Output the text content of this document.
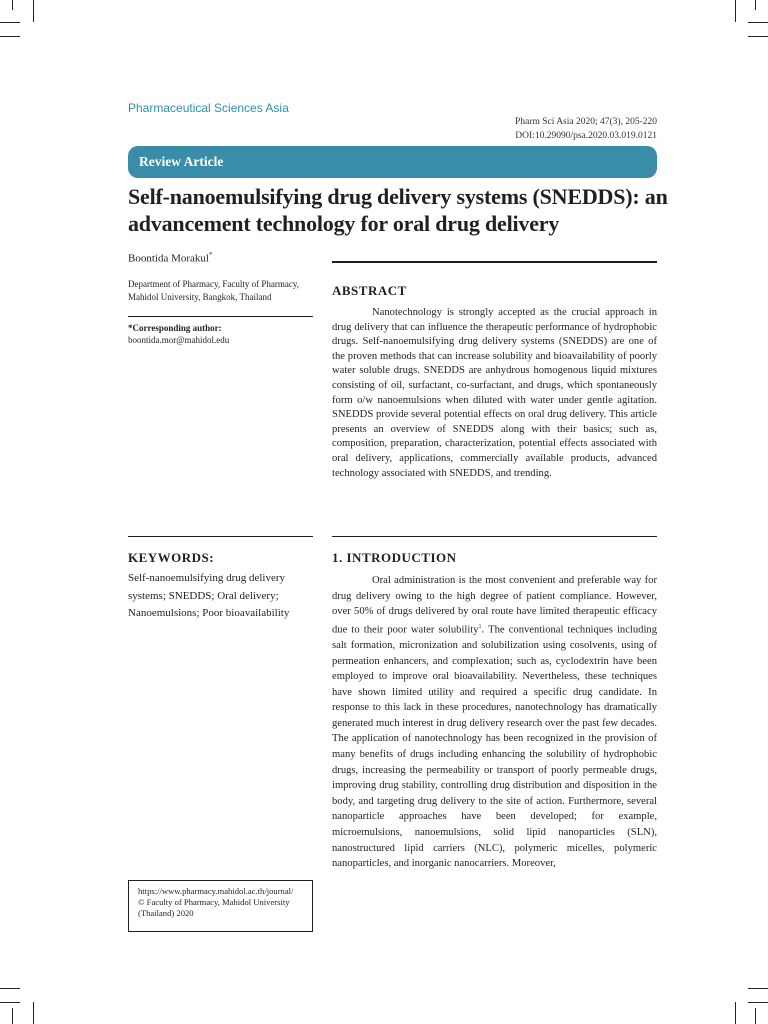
Pharmaceutical Sciences Asia
Pharm Sci Asia 2020; 47(3), 205-220
DOI:10.29090/psa.2020.03.019.0121
Review Article
Self-nanoemulsifying drug delivery systems (SNEDDS): an advancement technology for oral drug delivery
Boontida Morakul*
Department of Pharmacy, Faculty of Pharmacy, Mahidol University, Bangkok, Thailand
*Corresponding author:
boontida.mor@mahidol.edu
ABSTRACT

Nanotechnology is strongly accepted as the crucial approach in drug delivery that can influence the therapeutic performance of hydrophobic drugs. Self-nanoemulsifying drug delivery systems (SNEDDS) are one of the proven methods that can increase solubility and bioavailability of poorly water soluble drugs. SNEDDS are anhydrous homogenous liquid mixtures consisting of oil, surfactant, co-surfactant, and drugs, which spontaneously form o/w nanoemulsions when diluted with water under gentle agitation. SNEDDS provide several potential effects on oral drug delivery. This article presents an overview of SNEDDS along with their basics; such as, composition, preparation, characterization, potential effects associated with oral delivery, applications, commercially available products, advanced technology associated with SNEDDS, and trending.

KEYWORDS:

Self-nanoemulsifying drug delivery systems; SNEDDS; Oral delivery; Nanoemulsions; Poor bioavailability

1. INTRODUCTION

Oral administration is the most convenient and preferable way for drug delivery owing to the high degree of patient compliance. However, over 50% of drugs delivered by oral route have limited therapeutic efficacy due to their poor water solubility$^1$. The conventional techniques including salt formation, micronization and solubilization using cosolvents, using of permeation enhancers, and complexation; such as, cyclodextrin have been employed to improve oral bioavailability. Nevertheless, these techniques have shown limited utility and required a specific drug candidate. In response to this lack in these procedures, nanotechnology has dramatically generated much interest in drug delivery research over the past few decades. The application of nanotechnology has been recognized in the provision of many benefits of drugs including enhancing the solubility of hydrophobic drugs, increasing the permeability or transport of poorly permeable drugs, improving drug stability, controlling drug distribution and disposition in the body, and targeting drug delivery to the site of action. Furthermore, several nanoparticle approaches have been developed; for example, microemulsions, nanoemulsions, solid lipid nanoparticles (SLN), nanostructured lipid carriers (NLC), polymeric micelles, polymeric nanoparticles, and inorganic nanocarriers. Moreover,

https://www.pharmacy.mahidol.ac.th/journal/
© Faculty of Pharmacy, Mahidol University
(Thailand) 2020
